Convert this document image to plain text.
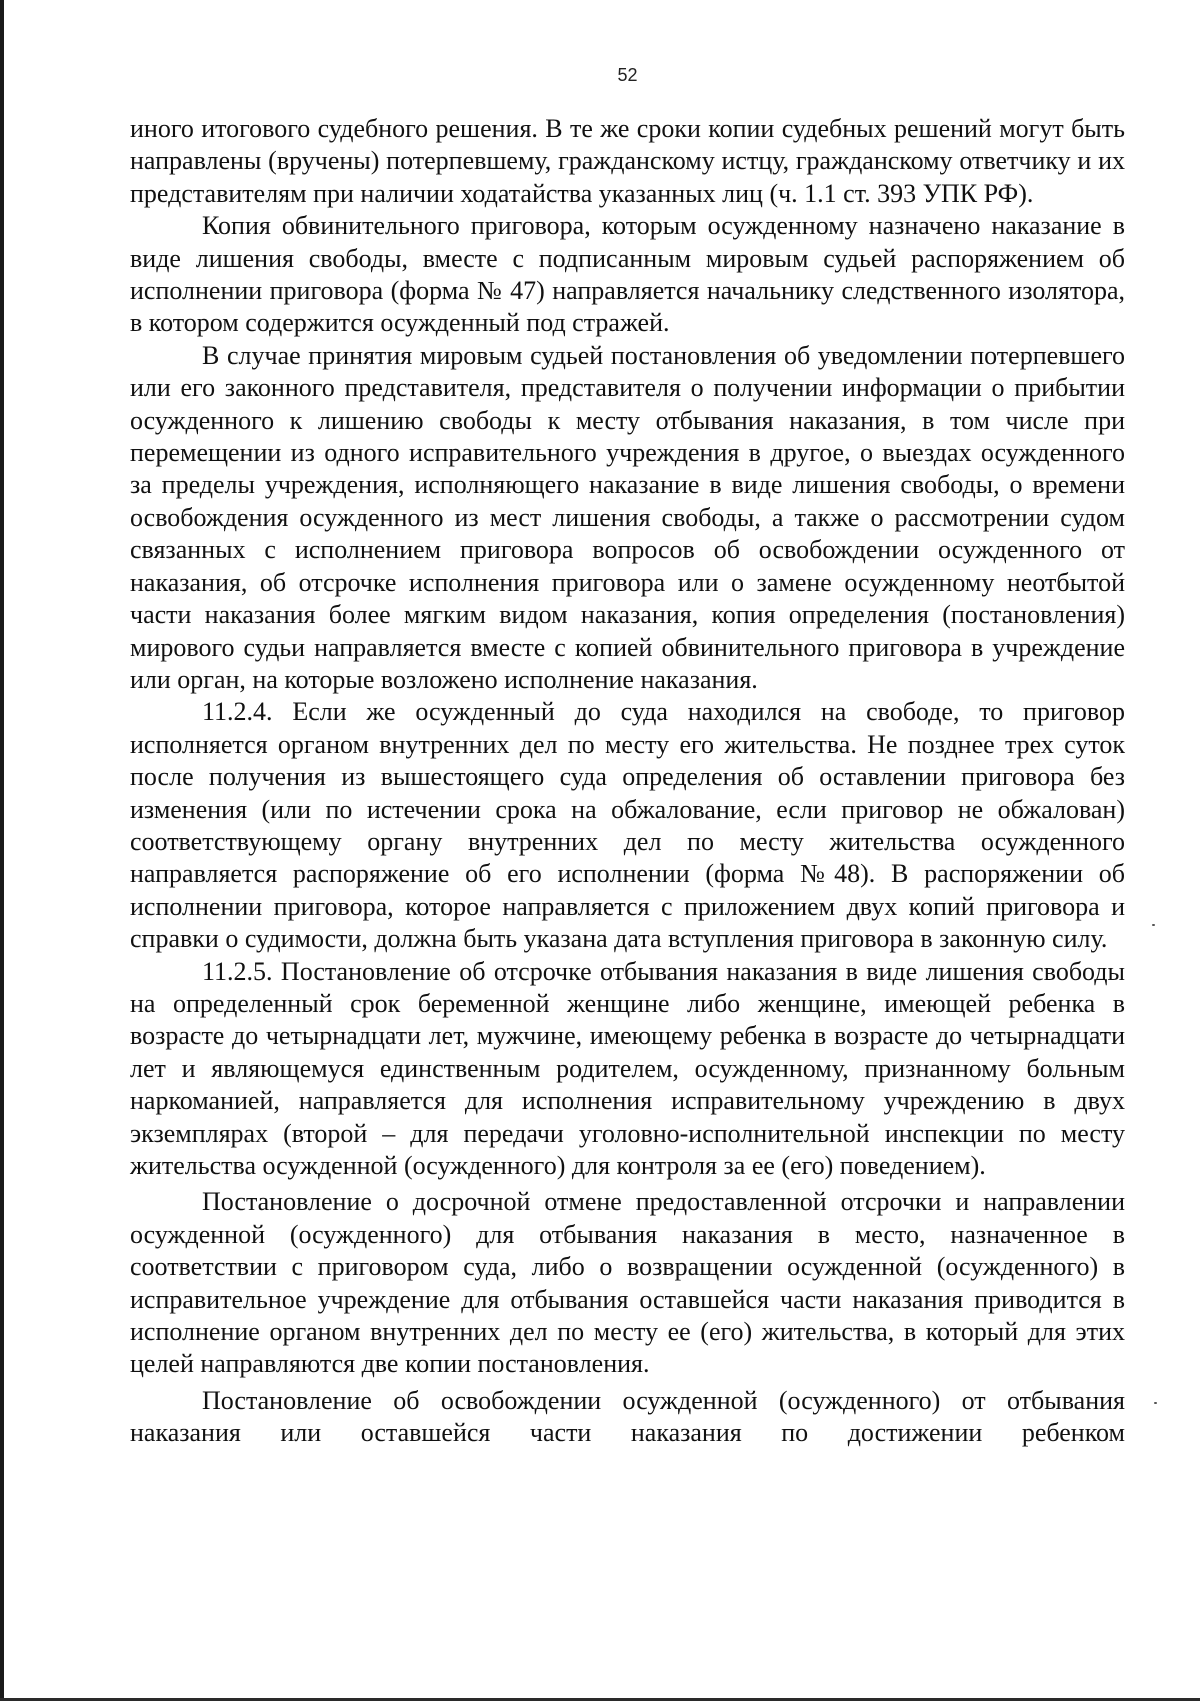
52

иного итогового судебного решения. В те же сроки копии судебных решений могут быть направлены (вручены) потерпевшему, гражданскому истцу, гражданскому ответчику и их представителям при наличии ходатайства указанных лиц (ч. 1.1 ст. 393 УПК РФ).

Копия обвинительного приговора, которым осужденному назначено наказание в виде лишения свободы, вместе с подписанным мировым судьей распоряжением об исполнении приговора (форма № 47) направляется начальнику следственного изолятора, в котором содержится осужденный под стражей.

В случае принятия мировым судьей постановления об уведомлении потерпевшего или его законного представителя, представителя о получении информации о прибытии осужденного к лишению свободы к месту отбывания наказания, в том числе при перемещении из одного исправительного учреждения в другое, о выездах осужденного за пределы учреждения, исполняющего наказание в виде лишения свободы, о времени освобождения осужденного из мест лишения свободы, а также о рассмотрении судом связанных с исполнением приговора вопросов об освобождении осужденного от наказания, об отсрочке исполнения приговора или о замене осужденному неотбытой части наказания более мягким видом наказания, копия определения (постановления) мирового судьи направляется вместе с копией обвинительного приговора в учреждение или орган, на которые возложено исполнение наказания.

11.2.4. Если же осужденный до суда находился на свободе, то приговор исполняется органом внутренних дел по месту его жительства. Не позднее трех суток после получения из вышестоящего суда определения об оставлении приговора без изменения (или по истечении срока на обжалование, если приговор не обжалован) соответствующему органу внутренних дел по месту жительства осужденного направляется распоряжение об его исполнении (форма №48). В распоряжении об исполнении приговора, которое направляется с приложением двух копий приговора и справки о судимости, должна быть указана дата вступления приговора в законную силу.

11.2.5. Постановление об отсрочке отбывания наказания в виде лишения свободы на определенный срок беременной женщине либо женщине, имеющей ребенка в возрасте до четырнадцати лет, мужчине, имеющему ребенка в возрасте до четырнадцати лет и являющемуся единственным родителем, осужденному, признанному больным наркоманией, направляется для исполнения исправительному учреждению в двух экземплярах (второй – для передачи уголовно-исполнительной инспекции по месту жительства осужденной (осужденного) для контроля за ее (его) поведением).

Постановление о досрочной отмене предоставленной отсрочки и направлении осужденной (осужденного) для отбывания наказания в место, назначенное в соответствии с приговором суда, либо о возвращении осужденной (осужденного) в исправительное учреждение для отбывания оставшейся части наказания приводится в исполнение органом внутренних дел по месту ее (его) жительства, в который для этих целей направляются две копии постановления.

Постановление об освобождении осужденной (осужденного) от отбывания наказания или оставшейся части наказания по достижении ребенком
